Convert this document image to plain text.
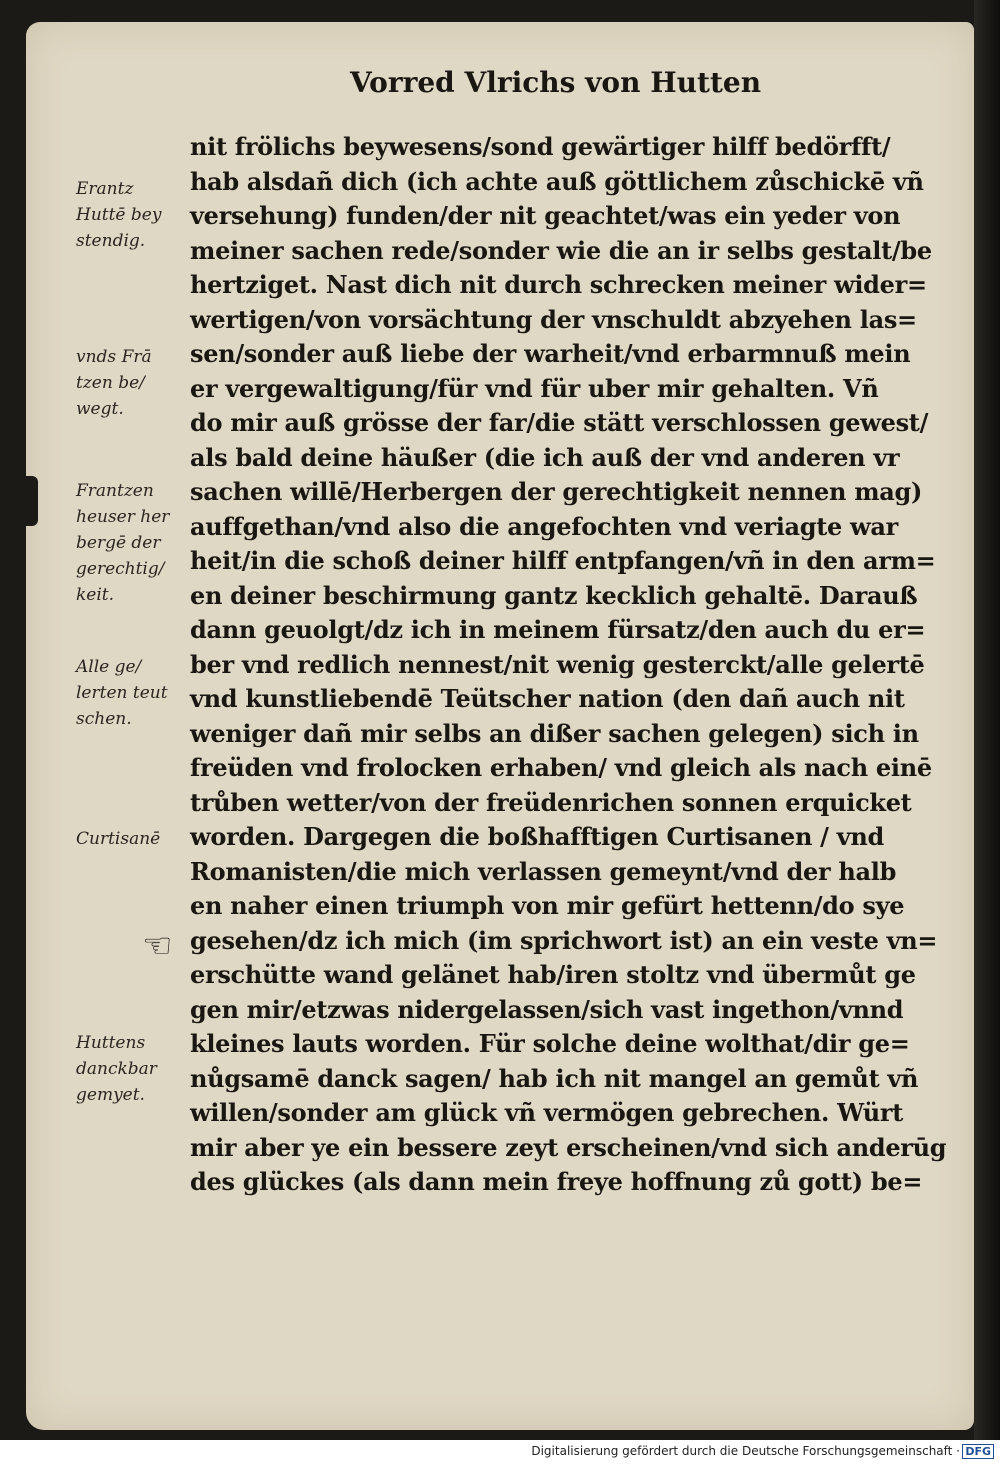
Vorred Vlrichs von Hutten
nit frölichs beywesens/sond gewärtiger hilff bedörfft/
hab alsdañ dich (ich achte auß göttlichem zůschickē vñ
versehung) funden/der nit geachtet/was ein yeder von
meiner sachen rede/sonder wie die an ir selbs gestalt/be
hertziget. Nast dich nit durch schrecken meiner wider=
wertigen/von vorsächtung der vnschuldt abzyehen las=
sen/sonder auß liebe der warheit/vnd erbarmnuß mein
er vergewaltigung/für vnd für uber mir gehalten. Vñ
do mir auß grösse der far/die stätt verschlossen gewest/
als bald deine häußer (die ich auß der vnd anderen vr
sachen willē/Herbergen der gerechtigkeit nennen mag)
auffgethan/vnd also die angefochten vnd veriagte war
heit/in die schoß deiner hilff entpfangen/vñ in den arm=
en deiner beschirmung gantz kecklich gehaltē. Darauß
dann geuolgt/dz ich in meinem fürsatz/den auch du er=
ber vnd redlich nennest/nit wenig gesterckt/alle gelertē
vnd kunstliebendē Teütscher nation (den dañ auch nit
weniger dañ mir selbs an dißer sachen gelegen) sich in
freüden vnd frolocken erhaben/ vnd gleich als nach einē
trůben wetter/von der freüdenrichen sonnen erquicket
worden. Dargegen die boßhafftigen Curtisanen / vnd
Romanisten/die mich verlassen gemeynt/vnd der halb
en naher einen triumph von mir gefürt hettenn/do sye
gesehen/dz ich mich (im sprichwort ist) an ein veste vn=
erschütte wand gelänet hab/iren stoltz vnd übermůt ge
gen mir/etzwas nidergelassen/sich vast ingethon/vnnd
kleines lauts worden. Für solche deine wolthat/dir ge=
nůgsamē danck sagen/ hab ich nit mangel an gemůt vñ
willen/sonder am glück vñ vermögen gebrechen. Würt
mir aber ye ein bessere zeyt erscheinen/vnd sich anderūg
des glückes (als dann mein freye hoffnung zů gott) be=
Erantz
Huttē bey
stendig.
vnds Frā
tzen be/
wegt.
Frantzen
heuser her
bergē der
gerechtig/
keit.
Alle ge/
lerten teut
schen.
Curtisanē
☞
Huttens
danckbar
gemyet.
Digitalisierung gefördert durch die Deutsche Forschungsgemeinschaft · DFG
